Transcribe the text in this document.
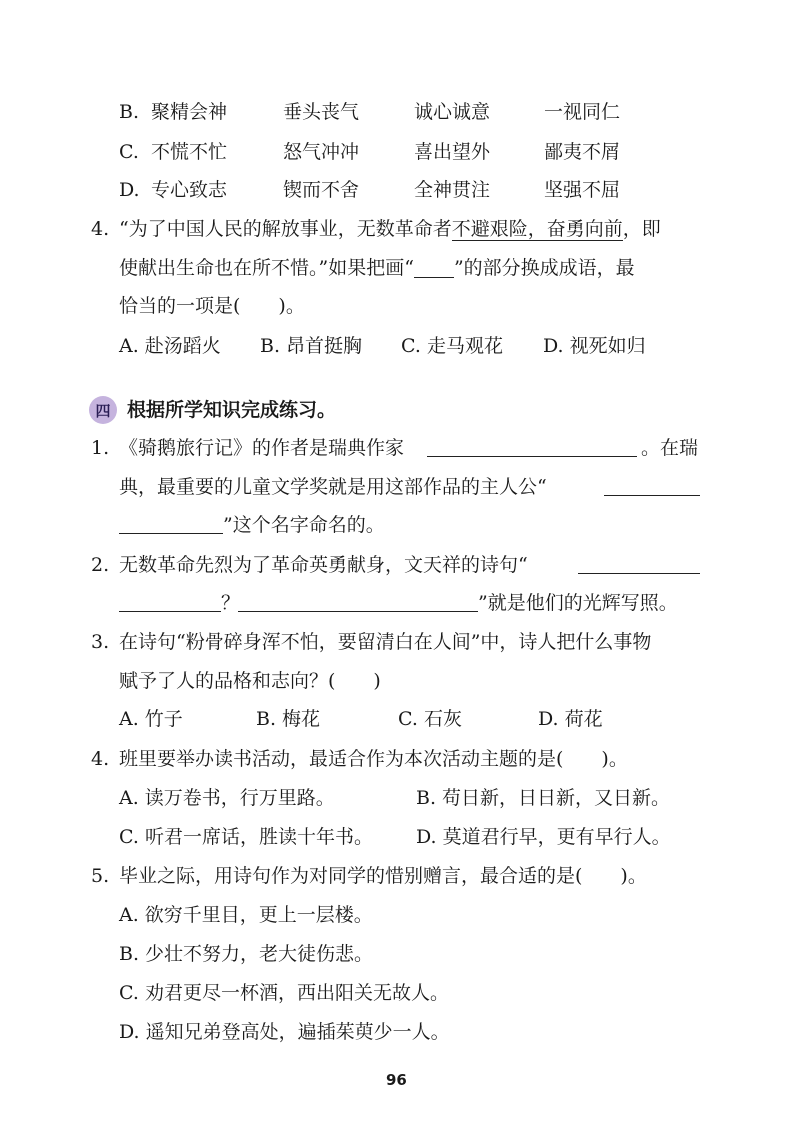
B. 聚精会神	垂头丧气	诚心诚意	一视同仁
C. 不慌不忙	怒气冲冲	喜出望外	鄙夷不屑
D. 专心致志	锲而不舍	全神贯注	坚强不屈
4. “为了中国人民的解放事业，无数革命者不避艰险，奋勇向前，即
使献出生命也在所不惜。”如果把画“ ”的部分换成成语，最
恰当的一项是(　　)。
A. 赴汤蹈火 B. 昂首挺胸 C. 走马观花 D. 视死如归
四 根据所学知识完成练习。
1. 《骑鹅旅行记》的作者是瑞典作家	。在瑞
典，最重要的儿童文学奖就是用这部作品的主人公“
”这个名字命名的。
2. 无数革命先烈为了革命英勇献身，文天祥的诗句“
？	”就是他们的光辉写照。
3. 在诗句“粉骨碎身浑不怕，要留清白在人间”中，诗人把什么事物
赋予了人的品格和志向？(　　)
A. 竹子	B. 梅花	C. 石灰	D. 荷花
4. 班里要举办读书活动，最适合作为本次活动主题的是(　　)。
A. 读万卷书，行万里路。	B. 苟日新，日日新，又日新。
C. 听君一席话，胜读十年书。 D. 莫道君行早，更有早行人。
5. 毕业之际，用诗句作为对同学的惜别赠言，最合适的是(　　)。
A. 欲穷千里目，更上一层楼。
B. 少壮不努力，老大徒伤悲。
C. 劝君更尽一杯酒，西出阳关无故人。
D. 遥知兄弟登高处，遍插茱萸少一人。
96
